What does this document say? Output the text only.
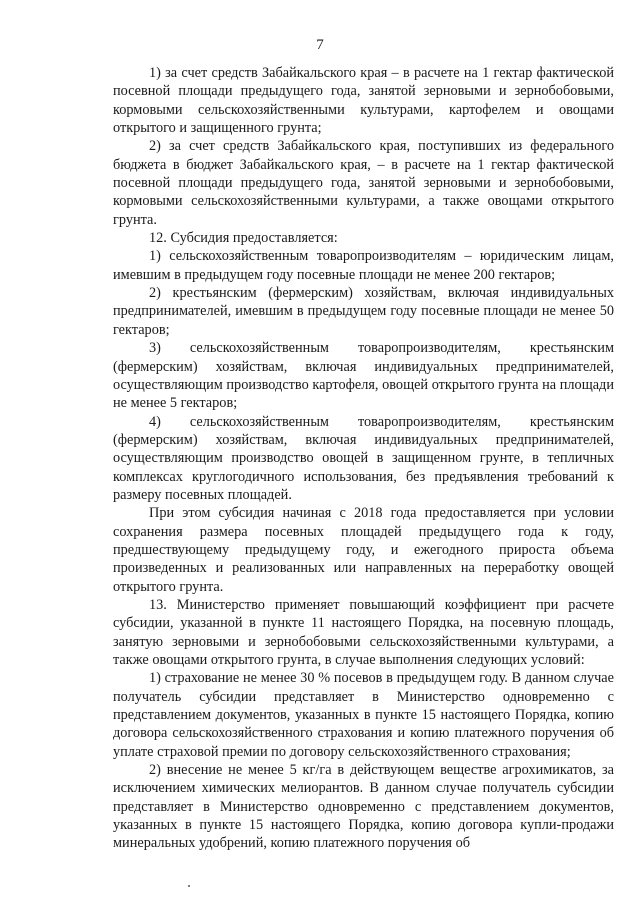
7

1) за счет средств Забайкальского края – в расчете на 1 гектар фактической посевной площади предыдущего года, занятой зерновыми и зернобобовыми, кормовыми сельскохозяйственными культурами, картофелем и овощами открытого и защищенного грунта;

2) за счет средств Забайкальского края, поступивших из федерального бюджета в бюджет Забайкальского края, – в расчете на 1 гектар фактической посевной площади предыдущего года, занятой зерновыми и зернобобовыми, кормовыми сельскохозяйственными культурами, а также овощами открытого грунта.

12. Субсидия предоставляется:

1) сельскохозяйственным товаропроизводителям – юридическим лицам, имевшим в предыдущем году посевные площади не менее 200 гектаров;

2) крестьянским (фермерским) хозяйствам, включая индивидуальных предпринимателей, имевшим в предыдущем году посевные площади не менее 50 гектаров;

3) сельскохозяйственным товаропроизводителям, крестьянским (фермерским) хозяйствам, включая индивидуальных предпринимателей, осуществляющим производство картофеля, овощей открытого грунта на площади не менее 5 гектаров;

4) сельскохозяйственным товаропроизводителям, крестьянским (фермерским) хозяйствам, включая индивидуальных предпринимателей, осуществляющим производство овощей в защищенном грунте, в тепличных комплексах круглогодичного использования, без предъявления требований к размеру посевных площадей.

При этом субсидия начиная с 2018 года предоставляется при условии сохранения размера посевных площадей предыдущего года к году, предшествующему предыдущему году, и ежегодного прироста объема произведенных и реализованных или направленных на переработку овощей открытого грунта.

13. Министерство применяет повышающий коэффициент при расчете субсидии, указанной в пункте 11 настоящего Порядка, на посевную площадь, занятую зерновыми и зернобобовыми сельскохозяйственными культурами, а также овощами открытого грунта, в случае выполнения следующих условий:

1) страхование не менее 30 % посевов в предыдущем году. В данном случае получатель субсидии представляет в Министерство одновременно с представлением документов, указанных в пункте 15 настоящего Порядка, копию договора сельскохозяйственного страхования и копию платежного поручения об уплате страховой премии по договору сельскохозяйственного страхования;

2) внесение не менее 5 кг/га в действующем веществе агрохимикатов, за исключением химических мелиорантов. В данном случае получатель субсидии представляет в Министерство одновременно с представлением документов, указанных в пункте 15 настоящего Порядка, копию договора купли-продажи минеральных удобрений, копию платежного поручения об
